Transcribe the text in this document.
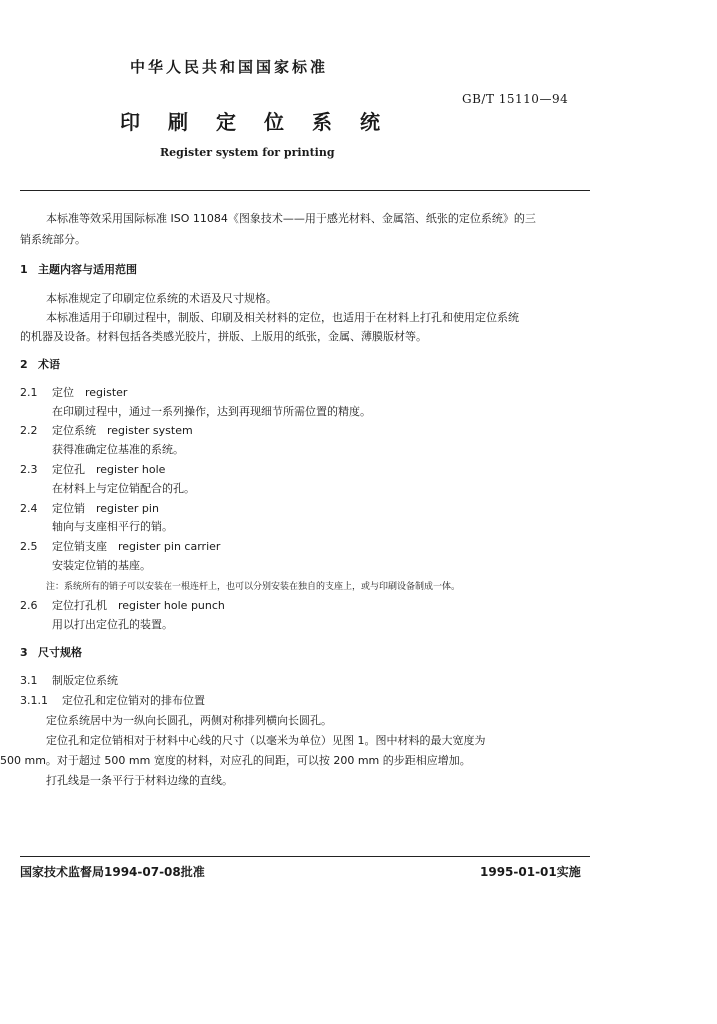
中华人民共和国国家标准
GB/T 15110—94
印刷定位系统
Register system for printing
本标准等效采用国际标准 ISO 11084《图象技术——用于感光材料、金属箔、纸张的定位系统》的三
销系统部分。
1 主题内容与适用范围
本标准规定了印刷定位系统的术语及尺寸规格。
本标准适用于印刷过程中，制版、印刷及相关材料的定位，也适用于在材料上打孔和使用定位系统
的机器及设备。材料包括各类感光胶片，拼版、上版用的纸张，金属、薄膜版材等。
2 术语
2.1 定位　register
在印刷过程中，通过一系列操作，达到再现细节所需位置的精度。
2.2 定位系统　register system
获得准确定位基准的系统。
2.3 定位孔　register hole
在材料上与定位销配合的孔。
2.4 定位销　register pin
轴向与支座相平行的销。
2.5 定位销支座　register pin carrier
安装定位销的基座。
注：系统所有的销子可以安装在一根连杆上，也可以分别安装在独自的支座上，或与印刷设备制成一体。
2.6 定位打孔机　register hole punch
用以打出定位孔的装置。
3 尺寸规格
3.1 制版定位系统
3.1.1 定位孔和定位销对的排布位置
定位系统居中为一纵向长圆孔，两侧对称排列横向长圆孔。
定位孔和定位销相对于材料中心线的尺寸（以毫米为单位）见图 1。图中材料的最大宽度为
500 mm。对于超过 500 mm 宽度的材料，对应孔的间距，可以按 200 mm 的步距相应增加。
打孔线是一条平行于材料边缘的直线。
国家技术监督局1994-07-08批准	1995-01-01实施
